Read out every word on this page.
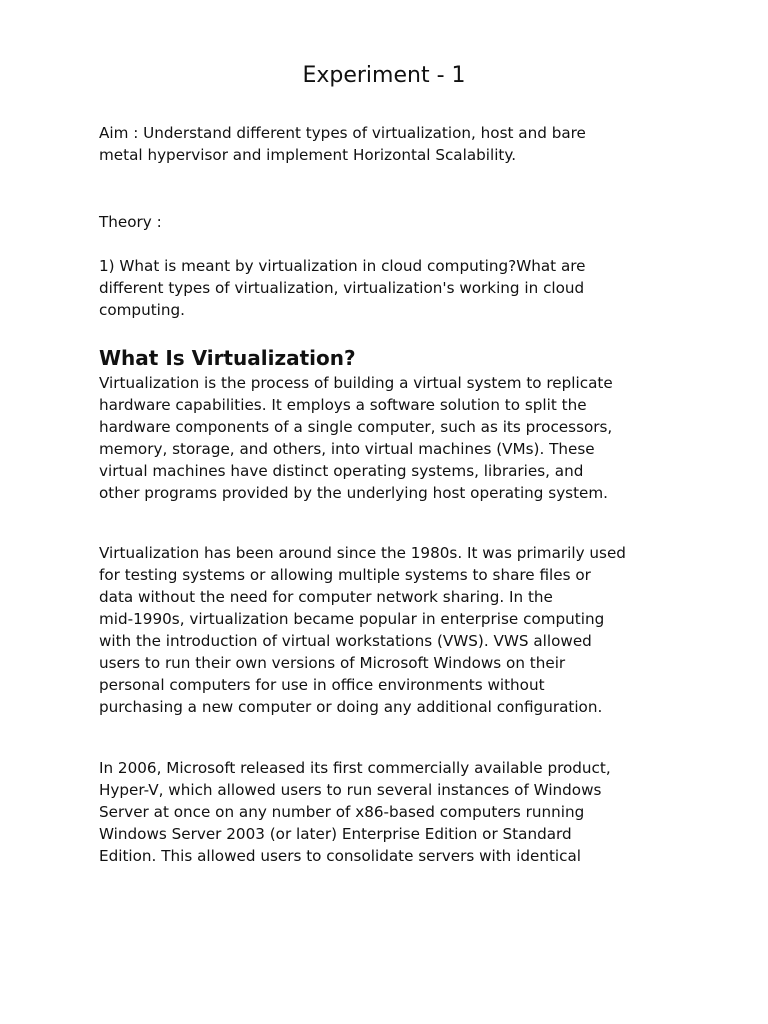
Experiment - 1

Aim : Understand different types of virtualization, host and bare
metal hypervisor and implement Horizontal Scalability.

Theory :

1) What is meant by virtualization in cloud computing?What are
different types of virtualization, virtualization's working in cloud
computing.

What Is Virtualization?

Virtualization is the process of building a virtual system to replicate
hardware capabilities. It employs a software solution to split the
hardware components of a single computer, such as its processors,
memory, storage, and others, into virtual machines (VMs). These
virtual machines have distinct operating systems, libraries, and
other programs provided by the underlying host operating system.

Virtualization has been around since the 1980s. It was primarily used
for testing systems or allowing multiple systems to share files or
data without the need for computer network sharing. In the
mid-1990s, virtualization became popular in enterprise computing
with the introduction of virtual workstations (VWS). VWS allowed
users to run their own versions of Microsoft Windows on their
personal computers for use in office environments without
purchasing a new computer or doing any additional configuration.

In 2006, Microsoft released its first commercially available product,
Hyper-V, which allowed users to run several instances of Windows
Server at once on any number of x86-based computers running
Windows Server 2003 (or later) Enterprise Edition or Standard
Edition. This allowed users to consolidate servers with identical
